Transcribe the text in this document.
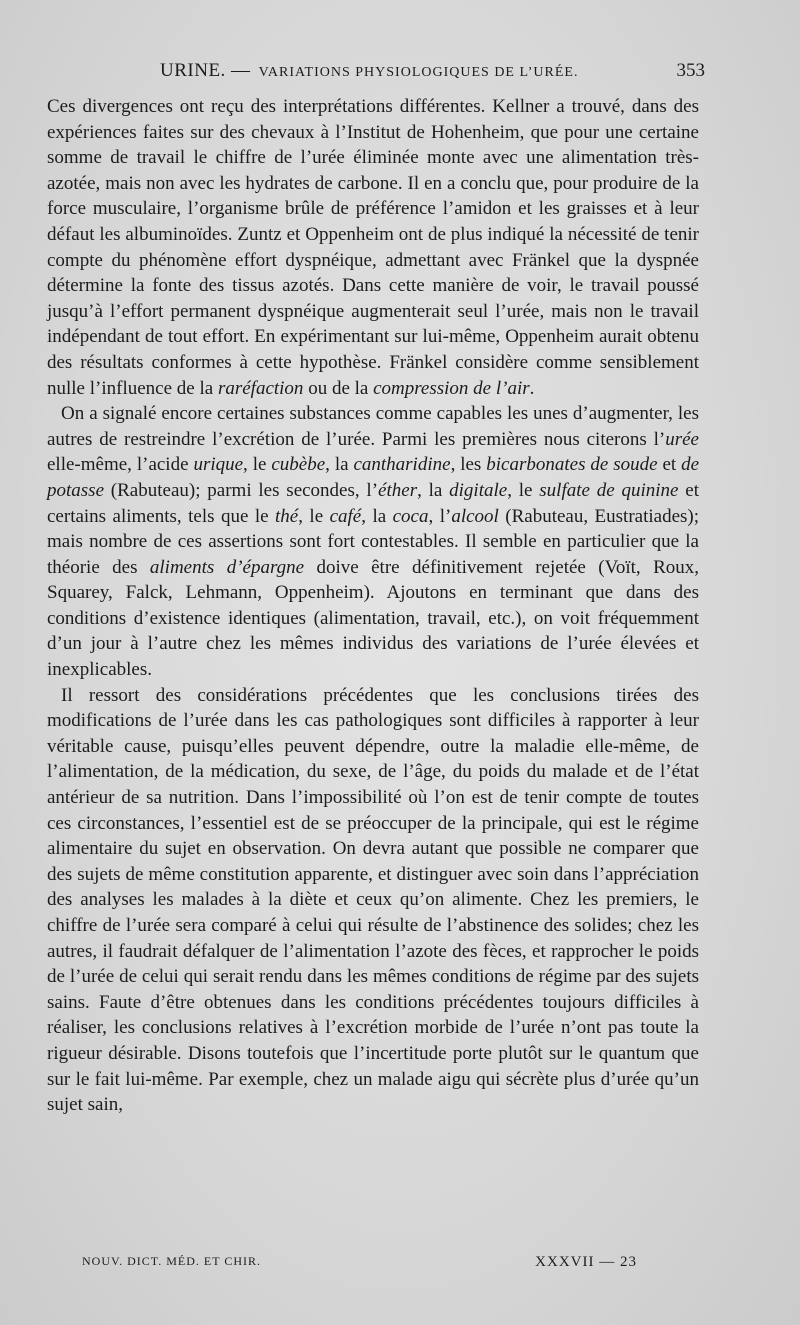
URINE. — VARIATIONS PHYSIOLOGIQUES DE L’URÉE.	353

Ces divergences ont reçu des interprétations différentes. Kellner a trouvé, dans des expériences faites sur des chevaux à l’Institut de Hohenheim, que pour une certaine somme de travail le chiffre de l’urée éliminée monte avec une alimentation très-azotée, mais non avec les hydrates de carbone. Il en a conclu que, pour produire de la force musculaire, l’organisme brûle de préférence l’amidon et les graisses et à leur défaut les albuminoïdes. Zuntz et Oppenheim ont de plus indiqué la nécessité de tenir compte du phénomène effort dyspnéique, admettant avec Fränkel que la dyspnée détermine la fonte des tissus azotés. Dans cette manière de voir, le travail poussé jusqu’à l’effort permanent dyspnéique augmenterait seul l’urée, mais non le travail indépendant de tout effort. En expérimentant sur lui-même, Oppenheim aurait obtenu des résultats conformes à cette hypothèse. Fränkel considère comme sensiblement nulle l’influence de la raréfaction ou de la compression de l’air.

On a signalé encore certaines substances comme capables les unes d’augmenter, les autres de restreindre l’excrétion de l’urée. Parmi les premières nous citerons l’urée elle-même, l’acide urique, le cubèbe, la cantharidine, les bicarbonates de soude et de potasse (Rabuteau); parmi les secondes, l’éther, la digitale, le sulfate de quinine et certains aliments, tels que le thé, le café, la coca, l’alcool (Rabuteau, Eustratiades); mais nombre de ces assertions sont fort contestables. Il semble en particulier que la théorie des aliments d’épargne doive être définitivement rejetée (Voït, Roux, Squarey, Falck, Lehmann, Oppenheim). Ajoutons en terminant que dans des conditions d’existence identiques (alimentation, travail, etc.), on voit fréquemment d’un jour à l’autre chez les mêmes individus des variations de l’urée élevées et inexplicables.

Il ressort des considérations précédentes que les conclusions tirées des modifications de l’urée dans les cas pathologiques sont difficiles à rapporter à leur véritable cause, puisqu’elles peuvent dépendre, outre la maladie elle-même, de l’alimentation, de la médication, du sexe, de l’âge, du poids du malade et de l’état antérieur de sa nutrition. Dans l’impossibilité où l’on est de tenir compte de toutes ces circonstances, l’essentiel est de se préoccuper de la principale, qui est le régime alimentaire du sujet en observation. On devra autant que possible ne comparer que des sujets de même constitution apparente, et distinguer avec soin dans l’appréciation des analyses les malades à la diète et ceux qu’on alimente. Chez les premiers, le chiffre de l’urée sera comparé à celui qui résulte de l’abstinence des solides; chez les autres, il faudrait défalquer de l’alimentation l’azote des fèces, et rapprocher le poids de l’urée de celui qui serait rendu dans les mêmes conditions de régime par des sujets sains. Faute d’être obtenues dans les conditions précédentes toujours difficiles à réaliser, les conclusions relatives à l’excrétion morbide de l’urée n’ont pas toute la rigueur désirable. Disons toutefois que l’incertitude porte plutôt sur le quantum que sur le fait lui-même. Par exemple, chez un malade aigu qui sécrète plus d’urée qu’un sujet sain,

NOUV. DICT. MÉD. ET CHIR.	XXXVII — 23
